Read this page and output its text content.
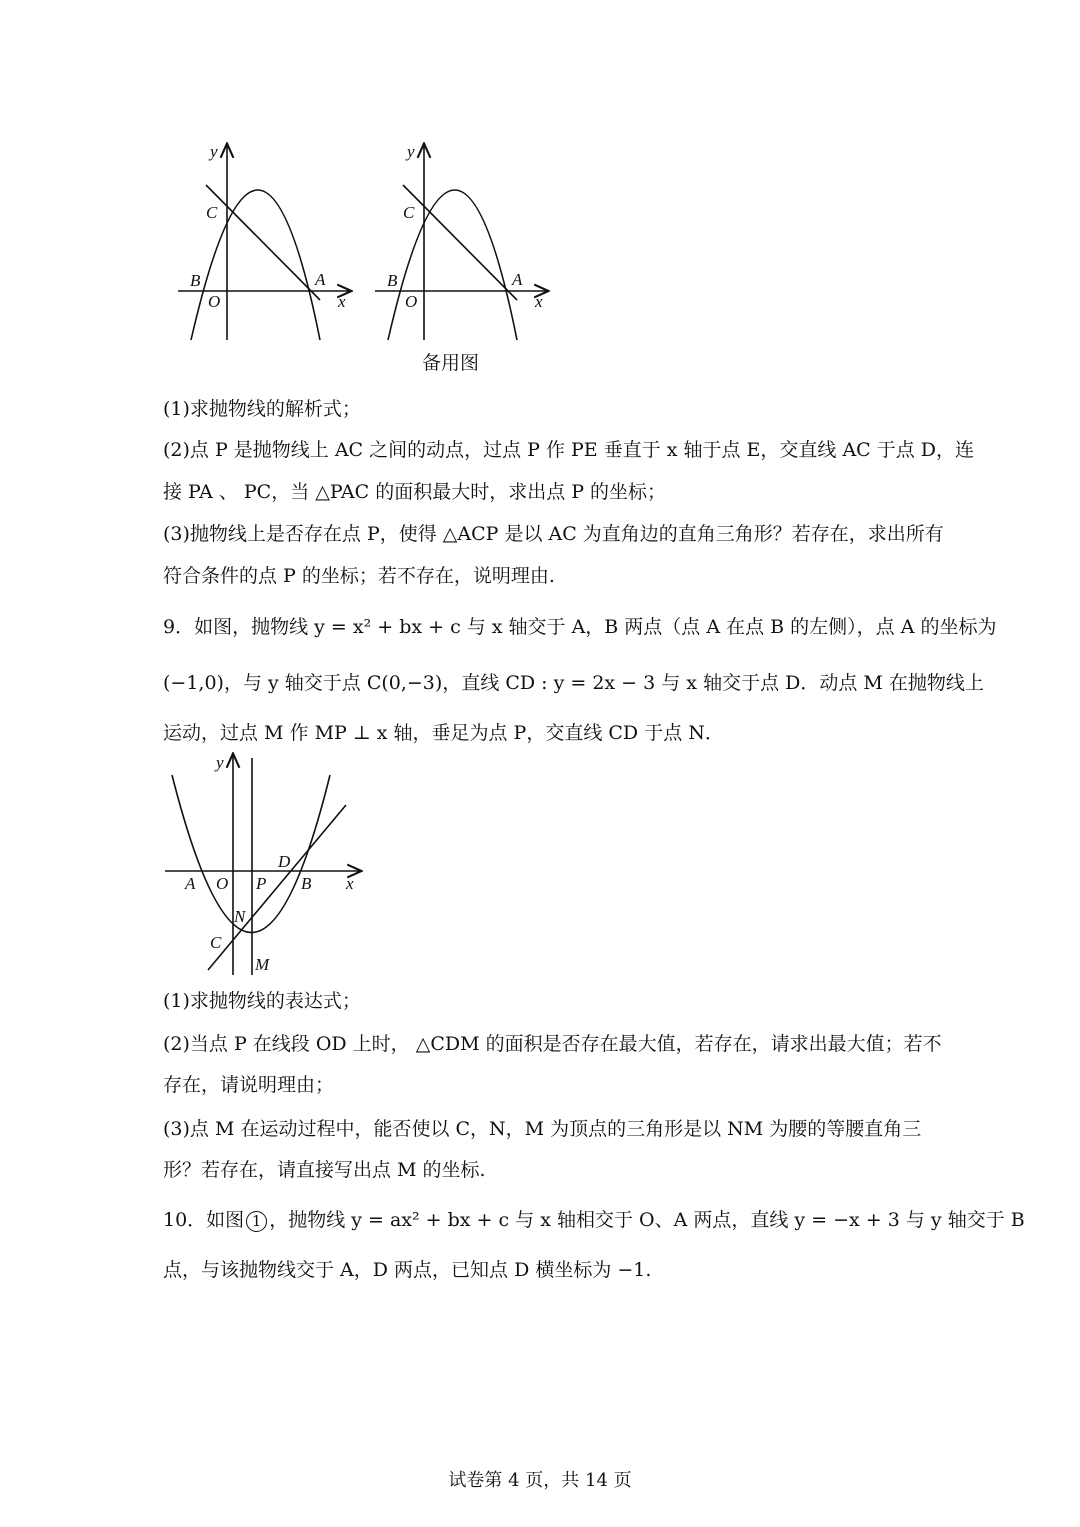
y
C
B
O
A
x
y
C
B
O
A
x
备用图
(1)求抛物线的解析式；
(2)点 P 是抛物线上 AC 之间的动点，过点 P 作 PE 垂直于 x 轴于点 E，交直线 AC 于点 D，连
接 PA 、 PC，当 △PAC 的面积最大时，求出点 P 的坐标；
(3)抛物线上是否存在点 P，使得 △ACP 是以 AC 为直角边的直角三角形？若存在，求出所有
符合条件的点 P 的坐标；若不存在，说明理由.
9．如图，抛物线 y = x² + bx + c 与 x 轴交于 A，B 两点（点 A 在点 B 的左侧），点 A 的坐标为
(−1,0)，与 y 轴交于点 C(0,−3)，直线 CD : y = 2x − 3 与 x 轴交于点 D．动点 M 在抛物线上
运动，过点 M 作 MP ⊥ x 轴，垂足为点 P，交直线 CD 于点 N．
y
A O P
D
B x
N
C
M
(1)求抛物线的表达式；
(2)当点 P 在线段 OD 上时， △CDM 的面积是否存在最大值，若存在，请求出最大值；若不
存在，请说明理由；
(3)点 M 在运动过程中，能否使以 C，N，M 为顶点的三角形是以 NM 为腰的等腰直角三
形？若存在，请直接写出点 M 的坐标.
10．如图 1 ，抛物线 y = ax² + bx + c 与 x 轴相交于 O、A 两点，直线 y = −x + 3 与 y 轴交于 B
点，与该抛物线交于 A，D 两点，已知点 D 横坐标为 −1.
试卷第 4 页，共 14 页
